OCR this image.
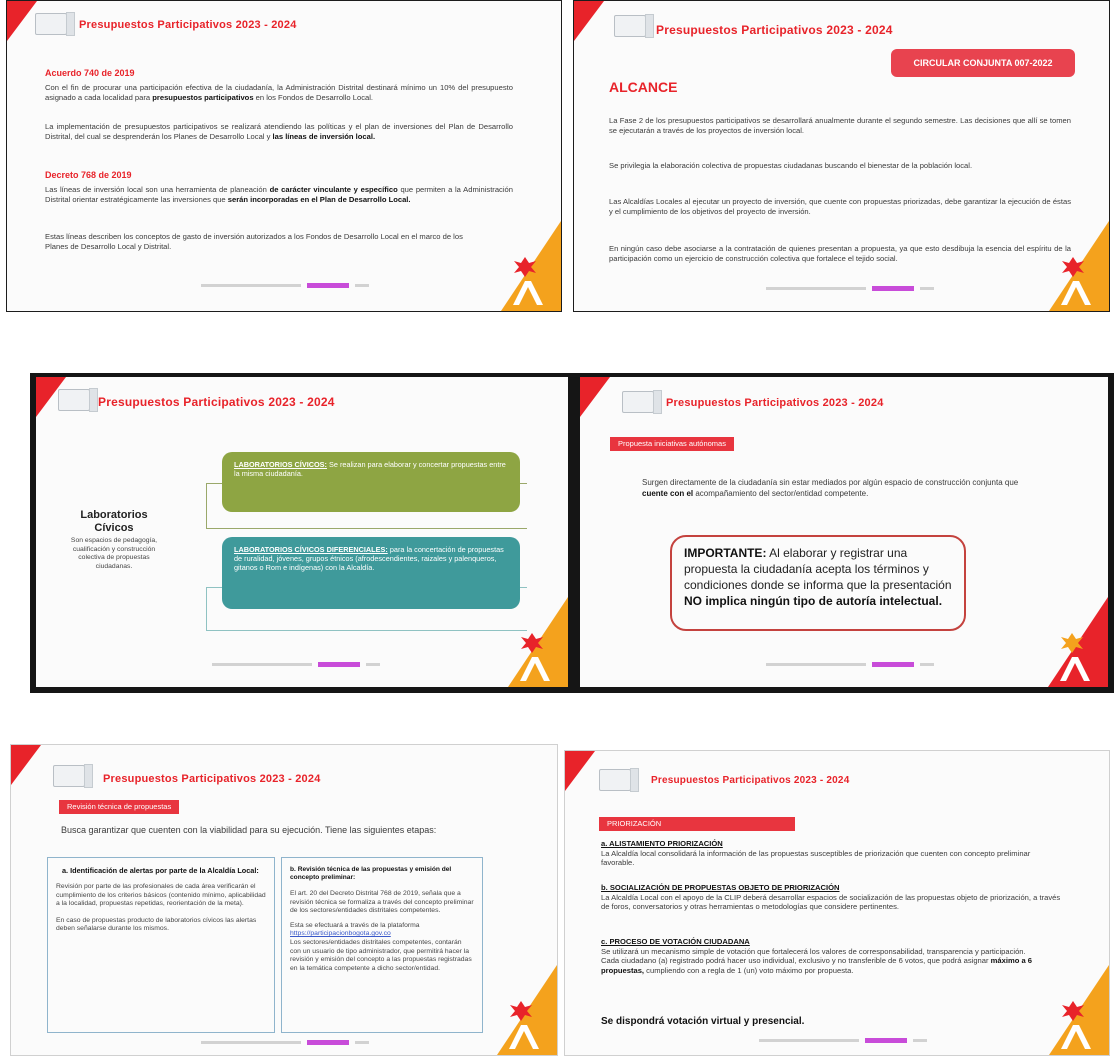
Presupuestos Participativos 2023 - 2024
Acuerdo 740 de 2019
Con el fin de procurar una participación efectiva de la ciudadanía, la Administración Distrital destinará mínimo un 10% del presupuesto asignado a cada localidad para presupuestos participativos en los Fondos de Desarrollo Local.
La implementación de presupuestos participativos se realizará atendiendo las políticas y el plan de inversiones del Plan de Desarrollo Distrital, del cual se desprenderán los Planes de Desarrollo Local y las líneas de inversión local.
Decreto 768 de 2019
Las líneas de inversión local son una herramienta de planeación de carácter vinculante y específico que permiten a la Administración Distrital orientar estratégicamente las inversiones que serán incorporadas en el Plan de Desarrollo Local.
Estas líneas describen los conceptos de gasto de inversión autorizados a los Fondos de Desarrollo Local en el marco de los Planes de Desarrollo Local y Distrital.
Presupuestos Participativos 2023 - 2024
CIRCULAR CONJUNTA 007-2022
ALCANCE
La Fase 2 de los presupuestos participativos se desarrollará anualmente durante el segundo semestre. Las decisiones que allí se tomen se ejecutarán a través de los proyectos de inversión local.
Se privilegia la elaboración colectiva de propuestas ciudadanas buscando el bienestar de la población local.
Las Alcaldías Locales al ejecutar un proyecto de inversión, que cuente con propuestas priorizadas, debe garantizar la ejecución de éstas y el cumplimiento de los objetivos del proyecto de inversión.
En ningún caso debe asociarse a la contratación de quienes presentan a propuesta, ya que esto desdibuja la esencia del espíritu de la participación como un ejercicio de construcción colectiva que fortalece el tejido social.
Presupuestos Participativos 2023 - 2024
Laboratorios Cívicos
Son espacios de pedagogía, cualificación y construcción colectiva de propuestas ciudadanas.
LABORATORIOS CÍVICOS: Se realizan para elaborar y concertar propuestas entre la misma ciudadanía.
LABORATORIOS CÍVICOS DIFERENCIALES: para la concertación de propuestas de ruralidad, jóvenes, grupos étnicos (afrodescendientes, raizales y palenqueros, gitanos o Rom e indígenas) con la Alcaldía.
Presupuestos Participativos 2023 - 2024
Propuesta iniciativas autónomas
Surgen directamente de la ciudadanía sin estar mediados por algún espacio de construcción conjunta que cuente con el acompañamiento del sector/entidad competente.
IMPORTANTE: Al elaborar y registrar una propuesta la ciudadanía acepta los términos y condiciones donde se informa que la presentación NO implica ningún tipo de autoría intelectual.
Presupuestos Participativos 2023 - 2024
Revisión técnica de propuestas
Busca garantizar que cuenten con la viabilidad para su ejecución. Tiene las siguientes etapas:
a. Identificación de alertas por parte de la Alcaldía Local:
Revisión por parte de las profesionales de cada área verificarán el cumplimiento de los criterios básicos (contenido mínimo, aplicabilidad a la localidad, propuestas repetidas, reorientación de la meta).
En caso de propuestas producto de laboratorios cívicos las alertas deben señalarse durante los mismos.
b. Revisión técnica de las propuestas y emisión del concepto preliminar:
El art. 20 del Decreto Distrital 768 de 2019, señala que a revisión técnica se formaliza a través del concepto preliminar de los sectores/entidades distritales competentes.
Esta se efectuará a través de la plataforma
https://participacionbogota.gov.co
Los sectores/entidades distritales competentes, contarán con un usuario de tipo administrador, que permitirá hacer la revisión y emisión del concepto a las propuestas registradas en la temática competente a dicho sector/entidad.
Presupuestos Participativos 2023 - 2024
PRIORIZACIÓN
a. ALISTAMIENTO PRIORIZACIÓN
La Alcaldía local consolidará la información de las propuestas susceptibles de priorización que cuenten con concepto preliminar favorable.
b. SOCIALIZACIÓN DE PROPUESTAS OBJETO DE PRIORIZACIÓN
La Alcaldía Local con el apoyo de la CLIP deberá desarrollar espacios de socialización de las propuestas objeto de priorización, a través de foros, conversatorios y otras herramientas o metodologías que considere pertinentes.
c. PROCESO DE VOTACIÓN CIUDADANA
Se utilizará un mecanismo simple de votación que fortalecerá los valores de corresponsabilidad, transparencia y participación.
Cada ciudadano (a) registrado podrá hacer uso individual, exclusivo y no transferible de 6 votos, que podrá asignar máximo a 6 propuestas, cumpliendo con a regla de 1 (un) voto máximo por propuesta.
Se dispondrá votación virtual y presencial.
